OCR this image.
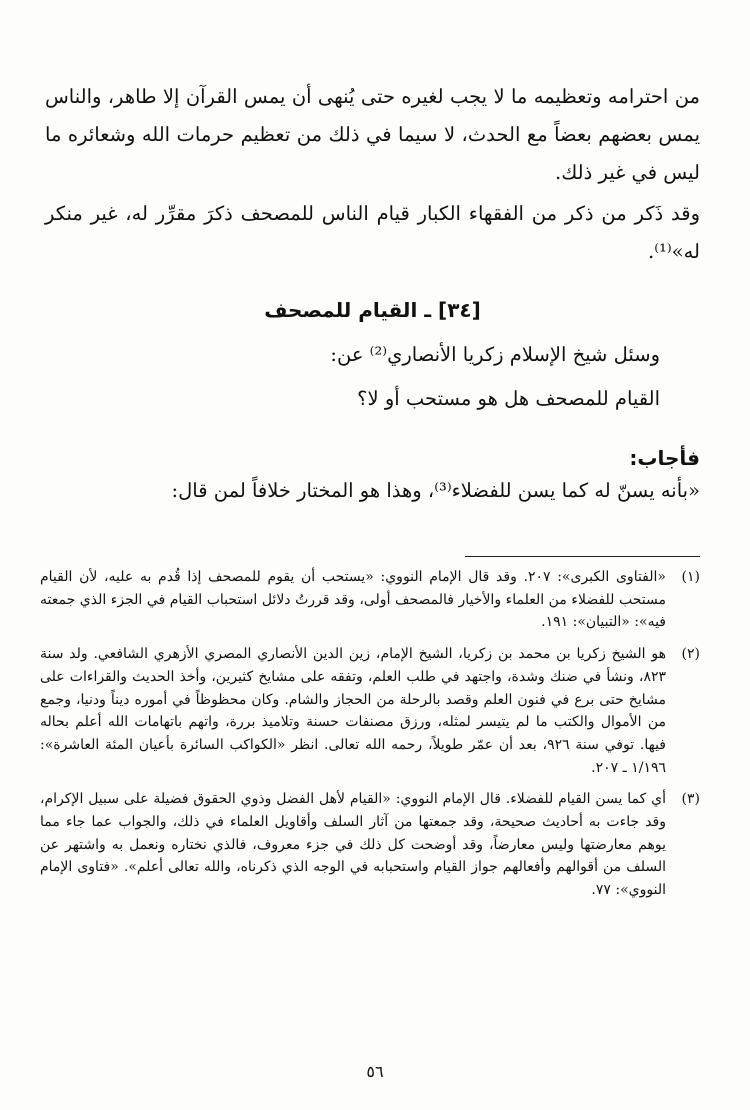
من احترامه وتعظيمه ما لا يجب لغيره حتى يُنهى أن يمس القرآن إلا طاهر، والناس يمس بعضهم بعضاً مع الحدث، لا سيما في ذلك من تعظيم حرمات الله وشعائره ما ليس في غير ذلك.

وقد ذَكر من ذكر من الفقهاء الكبار قيام الناس للمصحف ذكرَ مقرِّر له، غير منكر له»⁽¹⁾.

[٣٤] ـ القيام للمصحف

وسئل شيخ الإسلام زكريا الأنصاري⁽²⁾ عن:

القيام للمصحف هل هو مستحب أو لا؟

فأجاب:

«بأنه يسنّ له كما يسن للفضلاء⁽³⁾، وهذا هو المختار خلافاً لمن قال:

(١)
«الفتاوى الكبرى»: ٢٠٧. وقد قال الإمام النووي: «يستحب أن يقوم للمصحف إذا قُدم به عليه، لأن القيام مستحب للفضلاء من العلماء والأخيار فالمصحف أولى، وقد قررتُ دلائل استحباب القيام في الجزء الذي جمعته فيه»: «التبيان»: ١٩١.
(٢)
هو الشيخ زكريا بن محمد بن زكريا، الشيخ الإمام، زين الدين الأنصاري المصري الأزهري الشافعي. ولد سنة ٨٢٣، ونشأ في ضنك وشدة، واجتهد في طلب العلم، وتفقه على مشايخ كثيرين، وأخذ الحديث والقراءات على مشايخ حتى برع في فنون العلم وقصد بالرحلة من الحجاز والشام. وكان محظوظاً في أموره ديناً ودنيا، وجمع من الأموال والكتب ما لم يتيسر لمثله، ورزق مصنفات حسنة وتلاميذ بررة، واتهم باتهامات الله أعلم بحاله فيها. توفي سنة ٩٢٦، بعد أن عمّر طويلاً، رحمه الله تعالى. انظر «الكواكب السائرة بأعيان المئة العاشرة»: ١/١٩٦ ـ ٢٠٧.
(٣)
أي كما يسن القيام للفضلاء. قال الإمام النووي: «القيام لأهل الفضل وذوي الحقوق فضيلة على سبيل الإكرام، وقد جاءت به أحاديث صحيحة، وقد جمعتها من آثار السلف وأقاويل العلماء في ذلك، والجواب عما جاء مما يوهم معارضتها وليس معارضاً، وقد أوضحت كل ذلك في جزء معروف، فالذي نختاره ونعمل به واشتهر عن السلف من أقوالهم وأفعالهم جواز القيام واستحبابه في الوجه الذي ذكرناه، والله تعالى أعلم». «فتاوى الإمام النووي»: ٧٧.
٥٦
